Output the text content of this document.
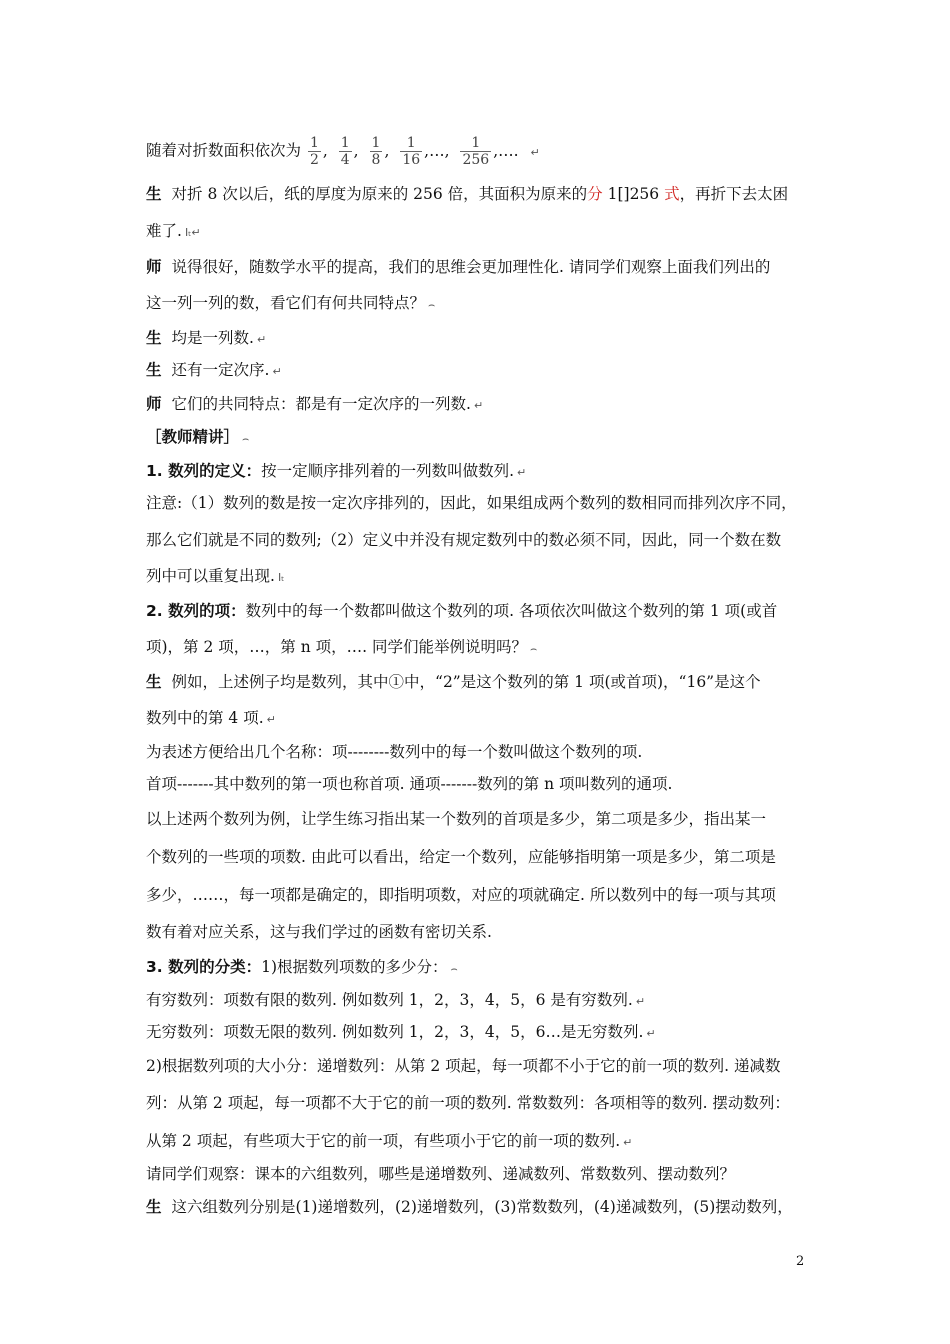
随着对折数面积依次为 $\frac{1}{2}$ , $\frac{1}{4}$ , $\frac{1}{8}$ , $\frac{1}{16}$ ,…, $\frac{1}{256}$ ,…. ↵
生 对折 8 次以后，纸的厚度为原来的 256 倍，其面积为原来的分 1[]256 式，再折下去太困
难了. Iₜ↵
师 说得很好，随数学水平的提高，我们的思维会更加理性化. 请同学们观察上面我们列出的
这一列一列的数，看它们有何共同特点？ ⌢
生 均是一列数. ↵
生 还有一定次序. ↵
师 它们的共同特点：都是有一定次序的一列数. ↵
［教师精讲］ ⌢
1. 数列的定义：按一定顺序排列着的一列数叫做数列. ↵
注意:（1）数列的数是按一定次序排列的，因此，如果组成两个数列的数相同而排列次序不同，
那么它们就是不同的数列;（2）定义中并没有规定数列中的数必须不同，因此，同一个数在数
列中可以重复出现. Iₜ
2. 数列的项：数列中的每一个数都叫做这个数列的项. 各项依次叫做这个数列的第 1 项(或首
项)，第 2 项，…，第 n 项，…. 同学们能举例说明吗？ ⌢
生 例如，上述例子均是数列，其中①中，“2”是这个数列的第 1 项(或首项)，“16”是这个
数列中的第 4 项. ↵
为表述方便给出几个名称：项--------数列中的每一个数叫做这个数列的项.
首项-------其中数列的第一项也称首项. 通项-------数列的第 n 项叫数列的通项.
以上述两个数列为例，让学生练习指出某一个数列的首项是多少，第二项是多少，指出某一
个数列的一些项的项数. 由此可以看出，给定一个数列，应能够指明第一项是多少，第二项是
多少，……，每一项都是确定的，即指明项数，对应的项就确定. 所以数列中的每一项与其项
数有着对应关系，这与我们学过的函数有密切关系.
3. 数列的分类：1)根据数列项数的多少分： ⌢
有穷数列：项数有限的数列. 例如数列 1，2，3，4，5，6 是有穷数列. ↵
无穷数列：项数无限的数列. 例如数列 1，2，3，4，5，6…是无穷数列. ↵
2)根据数列项的大小分：递增数列：从第 2 项起，每一项都不小于它的前一项的数列. 递减数
列：从第 2 项起，每一项都不大于它的前一项的数列. 常数数列：各项相等的数列. 摆动数列：
从第 2 项起，有些项大于它的前一项，有些项小于它的前一项的数列. ↵
请同学们观察：课本的六组数列，哪些是递增数列、递减数列、常数数列、摆动数列？
生 这六组数列分别是(1)递增数列，(2)递增数列，(3)常数数列，(4)递减数列，(5)摆动数列，
2
